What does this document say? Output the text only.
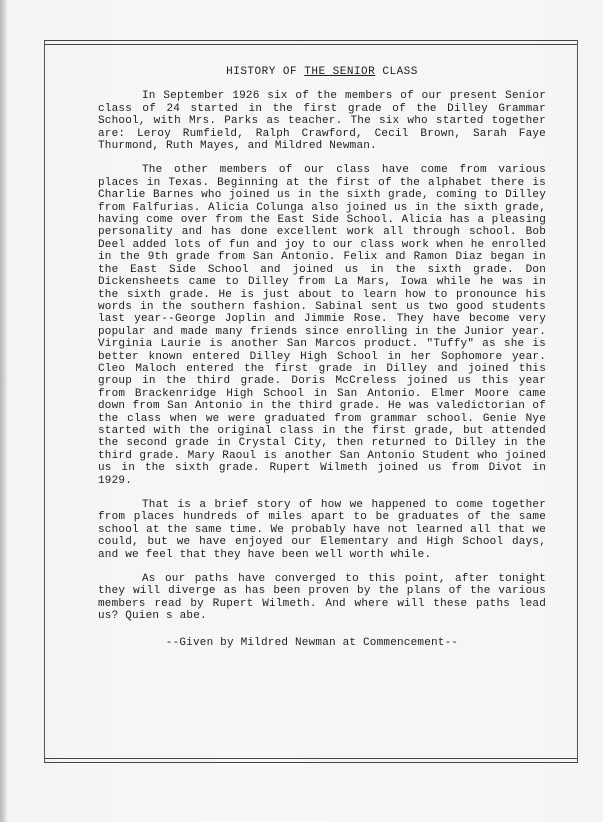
HISTORY OF THE SENIOR CLASS

In September 1926 six of the members of our present Senior class of 24 started in the first grade of the Dilley Grammar School, with Mrs. Parks as teacher. The six who started together are: Leroy Rumfield, Ralph Crawford, Cecil Brown, Sarah Faye Thurmond, Ruth Mayes, and Mildred Newman.

The other members of our class have come from various places in Texas. Beginning at the first of the alphabet there is Charlie Barnes who joined us in the sixth grade, coming to Dilley from Falfurias. Alicia Colunga also joined us in the sixth grade, having come over from the East Side School. Alicia has a pleasing personality and has done excellent work all through school. Bob Deel added lots of fun and joy to our class work when he enrolled in the 9th grade from San Antonio. Felix and Ramon Diaz began in the East Side School and joined us in the sixth grade. Don Dickensheets came to Dilley from La Mars, Iowa while he was in the sixth grade. He is just about to learn how to pronounce his words in the southern fashion. Sabinal sent us two good students last year--George Joplin and Jimmie Rose. They have become very popular and made many friends since enrolling in the Junior year. Virginia Laurie is another San Marcos product. "Tuffy" as she is better known entered Dilley High School in her Sophomore year. Cleo Maloch entered the first grade in Dilley and joined this group in the third grade. Doris McCreless joined us this year from Brackenridge High School in San Antonio. Elmer Moore came down from San Antonio in the third grade. He was valedictorian of the class when we were graduated from grammar school. Genie Nye started with the original class in the first grade, but attended the second grade in Crystal City, then returned to Dilley in the third grade. Mary Raoul is another San Antonio Student who joined us in the sixth grade. Rupert Wilmeth joined us from Divot in 1929.

That is a brief story of how we happened to come together from places hundreds of miles apart to be graduates of the same school at the same time. We probably have not learned all that we could, but we have enjoyed our Elementary and High School days, and we feel that they have been well worth while.

As our paths have converged to this point, after tonight they will diverge as has been proven by the plans of the various members read by Rupert Wilmeth. And where will these paths lead us? Quien s abe.

--Given by Mildred Newman at Commencement--
